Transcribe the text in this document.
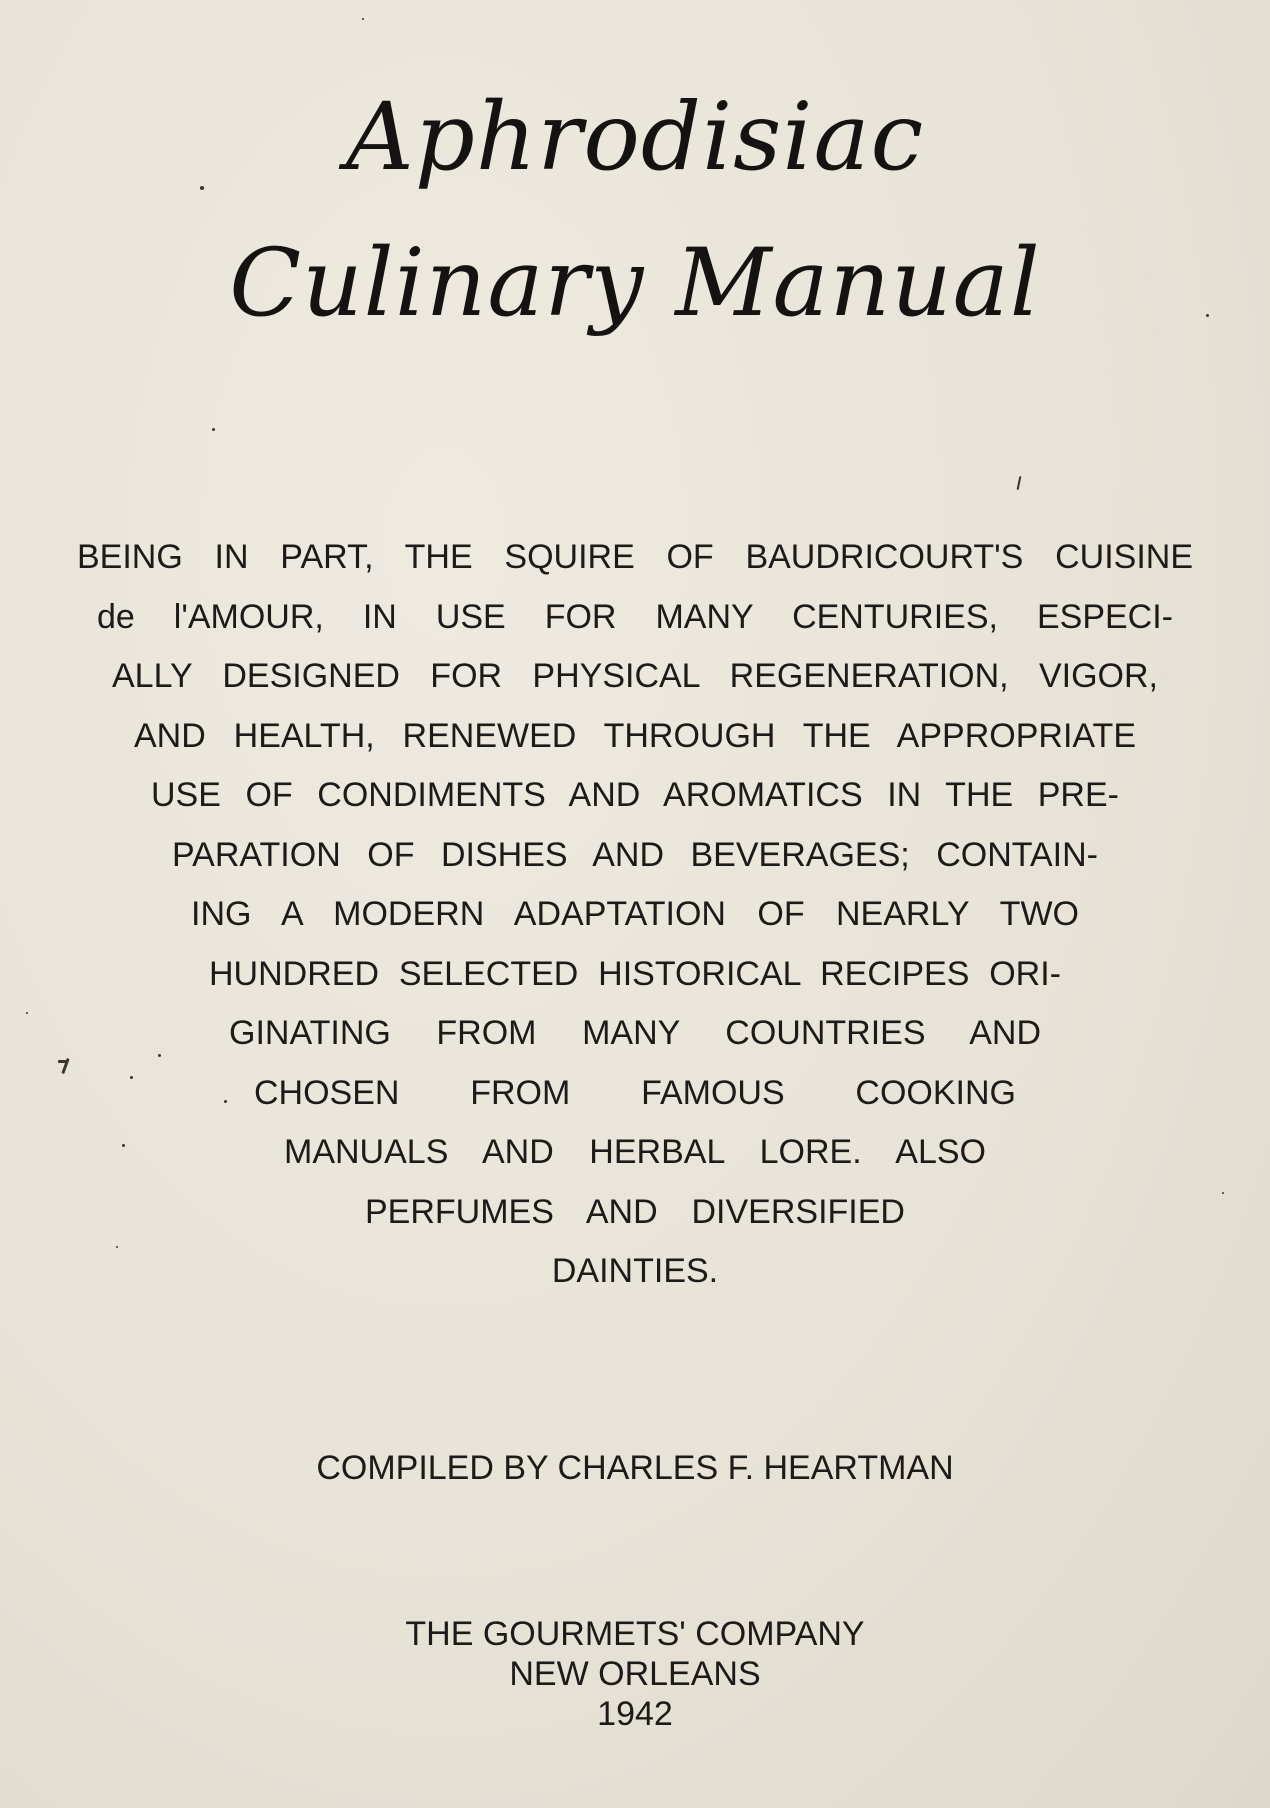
Aphrodisiac
Culinary Manual
BEING IN PART, THE SQUIRE OF BAUDRICOURT'S CUISINE
de l'AMOUR, IN USE FOR MANY CENTURIES, ESPECI-
ALLY DESIGNED FOR PHYSICAL REGENERATION, VIGOR,
AND HEALTH, RENEWED THROUGH THE APPROPRIATE
USE OF CONDIMENTS AND AROMATICS IN THE PRE-
PARATION OF DISHES AND BEVERAGES; CONTAIN-
ING A MODERN ADAPTATION OF NEARLY TWO
HUNDRED SELECTED HISTORICAL RECIPES ORI-
GINATING FROM MANY COUNTRIES AND
CHOSEN FROM FAMOUS COOKING
MANUALS AND HERBAL LORE. ALSO
PERFUMES AND DIVERSIFIED
DAINTIES.
COMPILED BY CHARLES F. HEARTMAN
THE GOURMETS' COMPANY
NEW ORLEANS
1942
